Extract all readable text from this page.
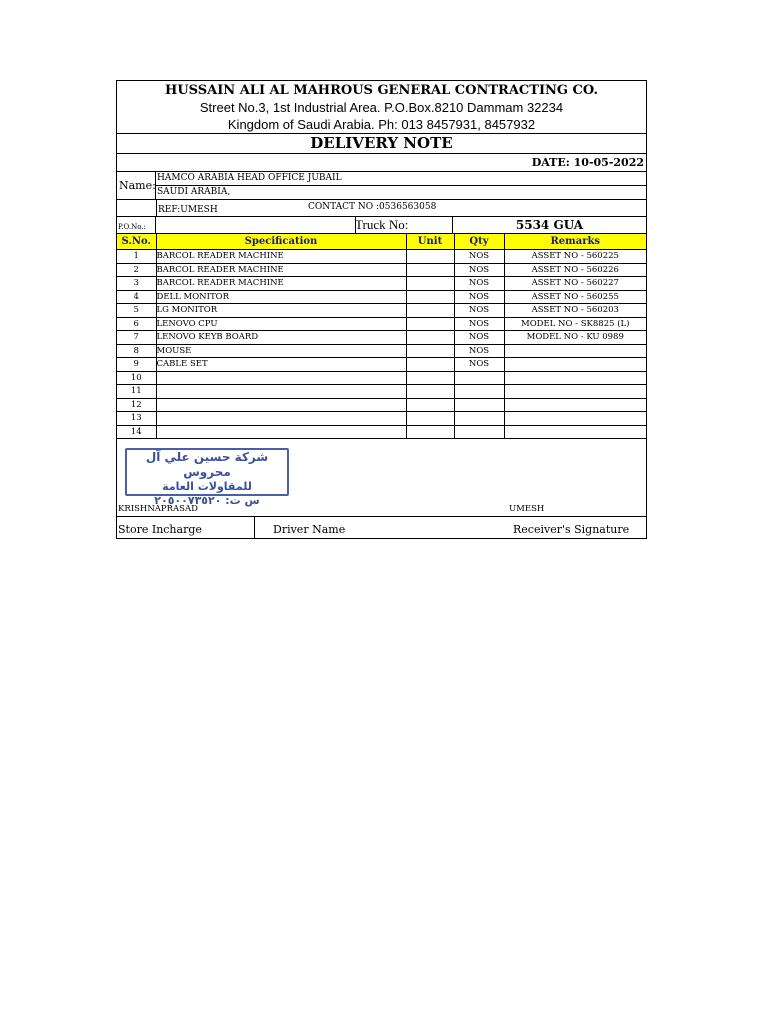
HUSSAIN ALI AL MAHROUS GENERAL CONTRACTING CO.
Street No.3, 1st Industrial Area. P.O.Box.8210 Dammam 32234
Kingdom of Saudi Arabia. Ph: 013 8457931, 8457932
DELIVERY NOTE
DATE: 10-05-2022
Name:
HAMCO ARABIA HEAD OFFICE JUBAIL
SAUDI ARABIA,
REF:UMESH	CONTACT NO :0536563058
P.O.No.:	Truck No:	5534 GUA
S.No.	Specification	Unit	Qty	Remarks
1	BARCOL READER MACHINE		NOS	ASSET NO - 560225
2	BARCOL READER MACHINE		NOS	ASSET NO - 560226
3	BARCOL READER MACHINE		NOS	ASSET NO - 560227
4	DELL MONITOR		NOS	ASSET NO - 560255
5	LG MONITOR		NOS	ASSET NO - 560203
6	LENOVO CPU		NOS	MODEL NO - SK8825 (L)
7	LENOVO KEYB BOARD		NOS	MODEL NO - KU 0989
8	MOUSE		NOS	
9	CABLE SET		NOS	
10				
11				
12				
13				
14				
شركة حسين علي آل محروس
للمقاولات العامة
س ت: ٢٠٥٠٠٧٣٥٢٠
KRISHNAPRASAD	UMESH
Store Incharge	Driver Name	Receiver's Signature
